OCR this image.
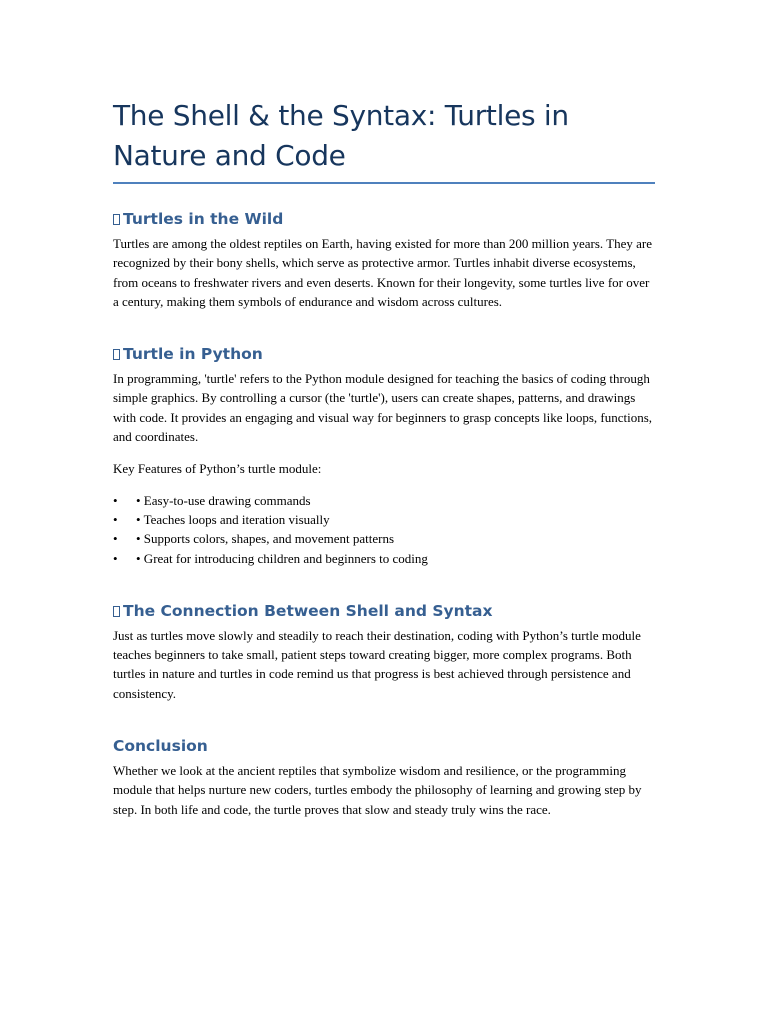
The Shell & the Syntax: Turtles in Nature and Code
Turtles in the Wild

Turtles are among the oldest reptiles on Earth, having existed for more than 200 million years. They are recognized by their bony shells, which serve as protective armor. Turtles inhabit diverse ecosystems, from oceans to freshwater rivers and even deserts. Known for their longevity, some turtles live for over a century, making them symbols of endurance and wisdom across cultures.

Turtle in Python

In programming, 'turtle' refers to the Python module designed for teaching the basics of coding through simple graphics. By controlling a cursor (the 'turtle'), users can create shapes, patterns, and drawings with code. It provides an engaging and visual way for beginners to grasp concepts like loops, functions, and coordinates.

Key Features of Python’s turtle module:

• • Easy-to-use drawing commands
• • Teaches loops and iteration visually
• • Supports colors, shapes, and movement patterns
• • Great for introducing children and beginners to coding
The Connection Between Shell and Syntax

Just as turtles move slowly and steadily to reach their destination, coding with Python’s turtle module teaches beginners to take small, patient steps toward creating bigger, more complex programs. Both turtles in nature and turtles in code remind us that progress is best achieved through persistence and consistency.

Conclusion

Whether we look at the ancient reptiles that symbolize wisdom and resilience, or the programming module that helps nurture new coders, turtles embody the philosophy of learning and growing step by step. In both life and code, the turtle proves that slow and steady truly wins the race.
